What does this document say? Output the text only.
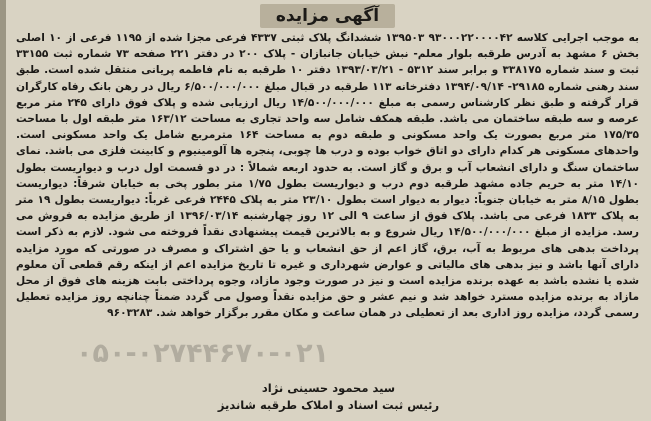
آگهی مزایده

به موجب اجرایی کلاسه ۹۳۰۰۰۲۲۰۰۰۰۴۲ ۱۳۹۵۰۳ ششدانگ پلاک ثبتی ۴۳۳۷ فرعی مجزا شده از ۱۱۹۵ فرعی از ۱۰ اصلی بخش ۶ مشهد به آدرس طرقبه بلوار معلم- نبش خیابان جانبازان - پلاک ۲۰۰ در دفتر ۲۲۱ صفحه ۷۳ شماره ثبت ۳۳۱۵۵ ثبت و سند شماره ۳۳۸۱۷۵ و برابر سند ۵۳۱۲ - ۱۳۹۳/۰۳/۲۱ دفتر ۱۰ طرقبه به نام فاطمه پریانی منتقل شده است. طبق سند رهنی شماره ۲۹۱۸۵- ۱۳۹۴/۰۹/۱۴ دفترخانه ۱۱۳ طرقبه در قبال مبلغ ۶/۵۰۰/۰۰۰/۰۰۰ ریال در رهن بانک رفاه کارگران قرار گرفته و طبق نظر کارشناس رسمی به مبلغ ۱۴/۵۰۰/۰۰۰/۰۰۰ ریال ارزیابی شده و پلاک فوق دارای ۲۴۵ متر مربع عرصه و سه طبقه ساختمان می باشد. طبقه همکف شامل سه واحد تجاری به مساحت ۱۶۳/۱۲ متر طبقه اول با مساحت ۱۷۵/۳۵ متر مربع بصورت یک واحد مسکونی و طبقه دوم به مساحت ۱۶۴ مترمربع شامل یک واحد مسکونی است. واحدهای مسکونی هر کدام دارای دو اتاق خواب بوده و درب ها چوبی، پنجره ها آلومینیوم و کابینت فلزی می باشد. نمای ساختمان سنگ و دارای انشعاب آب و برق و گاز است. به حدود اربعه شمالاً : در دو قسمت اول درب و دیواریست بطول ۱۴/۱۰ متر به حریم جاده مشهد طرقبه دوم درب و دیواریست بطول ۱/۷۵ متر بطور پخی به خیابان شرقاً: دیواریست بطول ۸/۱۵ متر به خیابان جنوباً: دیوار به دیوار است بطول ۲۳/۱۰ متر به پلاک ۲۴۴۵ فرعی غرباً: دیواریست بطول ۱۹ متر به پلاک ۱۸۳۳ فرعی می باشد. پلاک فوق از ساعت ۹ الی ۱۲ روز چهارشنبه ۱۳۹۶/۰۳/۱۴ از طریق مزایده به فروش می رسد. مزایده از مبلغ ۱۴/۵۰۰/۰۰۰/۰۰۰ ریال شروع و به بالاترین قیمت پیشنهادی نقداً فروخته می شود. لازم به ذکر است پرداخت بدهی های مربوط به آب، برق، گاز اعم از حق انشعاب و یا حق اشتراک و مصرف در صورتی که مورد مزایده دارای آنها باشد و نیز بدهی های مالیاتی و عوارض شهرداری و غیره تا تاریخ مزایده اعم از اینکه رقم قطعی آن معلوم شده یا نشده باشد به عهده برنده مزایده است و نیز در صورت وجود مازاد، وجوه پرداختی بابت هزینه های فوق از محل مازاد به برنده مزایده مسترد خواهد شد و نیم عشر و حق مزایده نقداً وصول می گردد ضمناً چنانچه روز مزایده تعطیل رسمی گردد، مزایده روز اداری بعد از تعطیلی در همان ساعت و مکان مقرر برگزار خواهد شد. ۹۶۰۳۲۸۳

۰۵۰-۰۲۷۴۴۶۷۰-۰۲۱
سید محمود حسینی نژاد
رئیس ثبت اسناد و املاک طرقبه شاندیز
